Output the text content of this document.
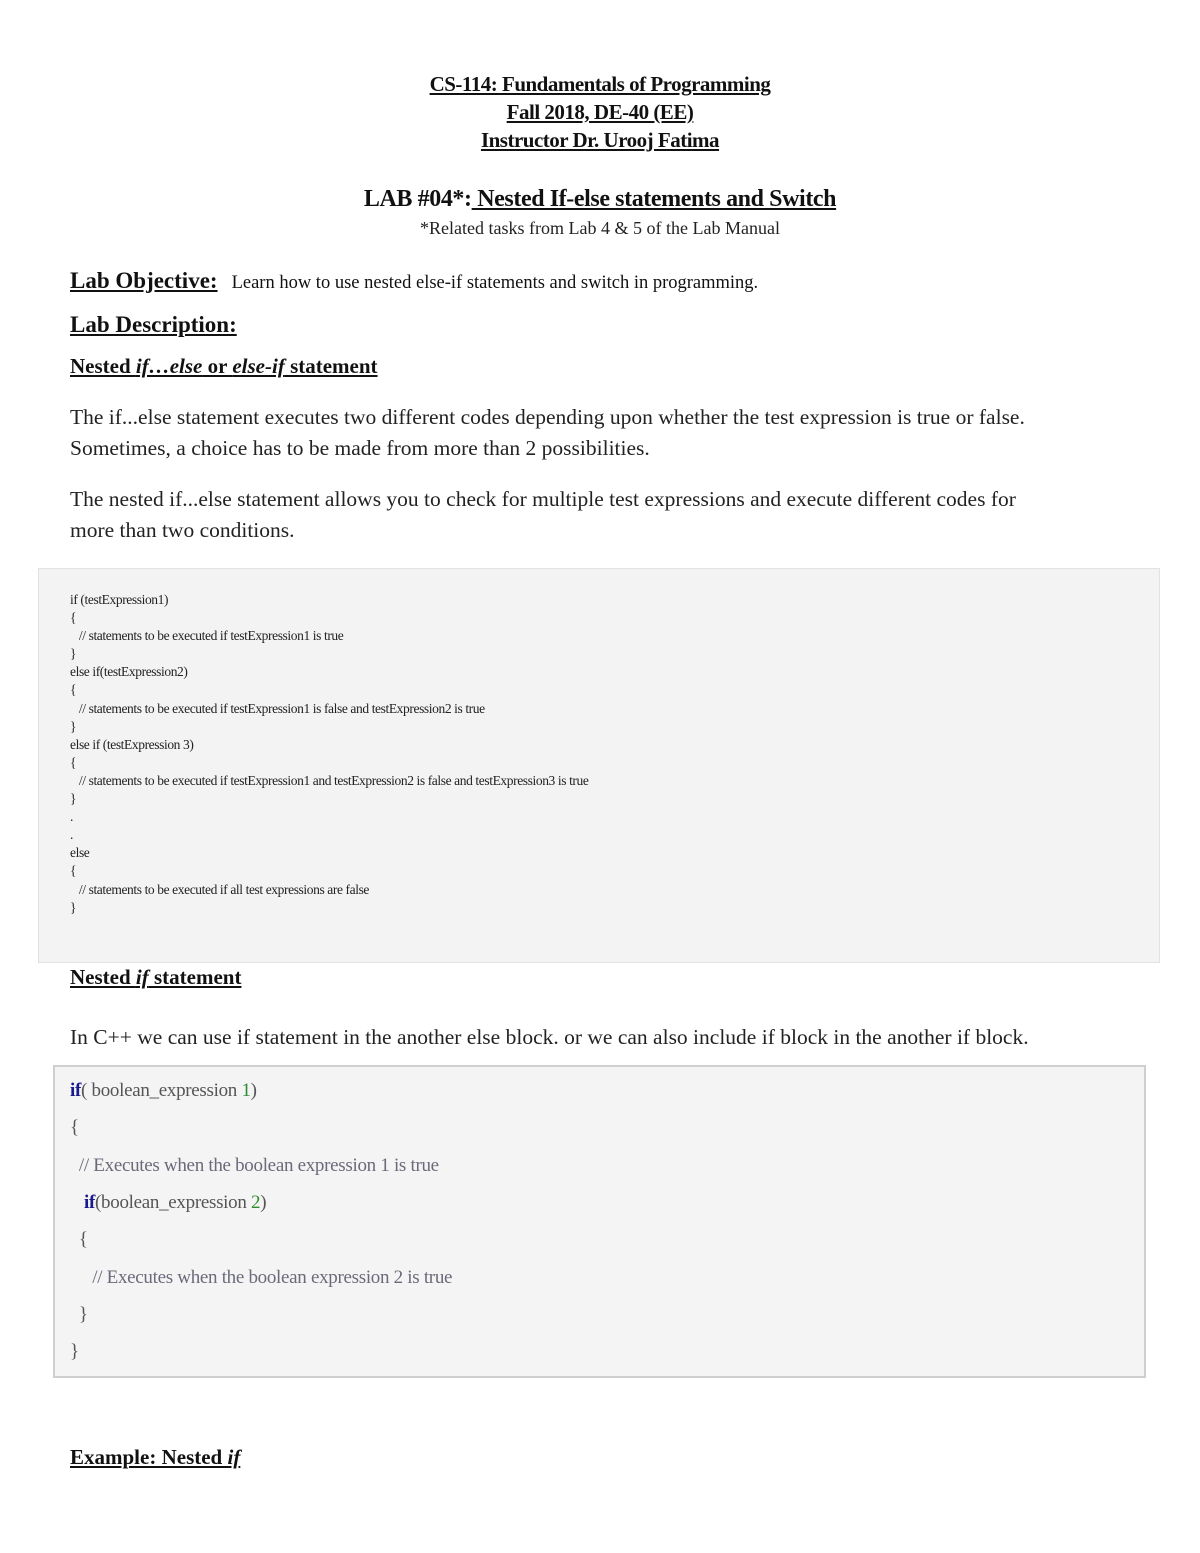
CS-114: Fundamentals of Programming
Fall 2018, DE-40 (EE)
Instructor Dr. Urooj Fatima
LAB #04*: Nested If-else statements and Switch
*Related tasks from Lab 4 & 5 of the Lab Manual
Lab Objective: Learn how to use nested else-if statements and switch in programming.
Lab Description:
Nested if…else or else-if statement
The if...else statement executes two different codes depending upon whether the test expression is true or false.
Sometimes, a choice has to be made from more than 2 possibilities.
The nested if...else statement allows you to check for multiple test expressions and execute different codes for
more than two conditions.
if (testExpression1)
{
// statements to be executed if testExpression1 is true
}
else if(testExpression2)
{
// statements to be executed if testExpression1 is false and testExpression2 is true
}
else if (testExpression 3)
{
// statements to be executed if testExpression1 and testExpression2 is false and testExpression3 is true
}
.
.
else
{
// statements to be executed if all test expressions are false
}
Nested if statement
In C++ we can use if statement in the another else block. or we can also include if block in the another if block.
if( boolean_expression 1)
{
// Executes when the boolean expression 1 is true
if(boolean_expression 2)
{
// Executes when the boolean expression 2 is true
}
}
Example: Nested if
